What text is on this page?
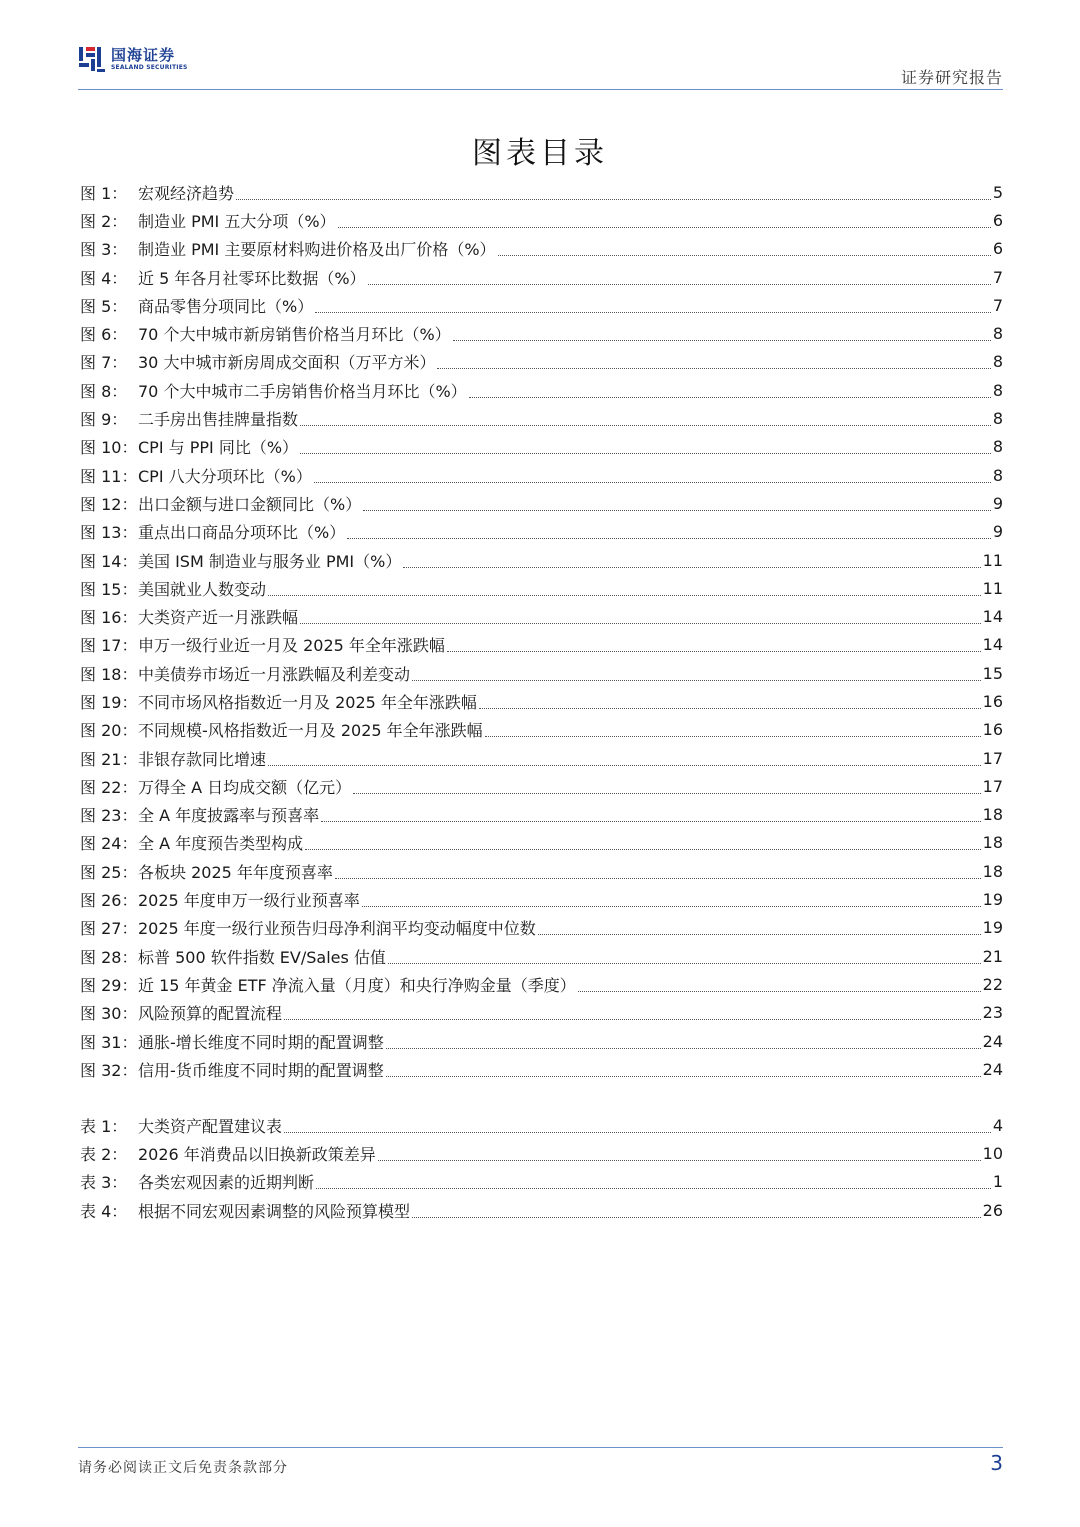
国海证券
SEALAND SECURITIES
证券研究报告
图表目录
图 1： 宏观经济趋势	5
图 2： 制造业 PMI 五大分项（%）	6
图 3： 制造业 PMI 主要原材料购进价格及出厂价格（%）	6
图 4： 近 5 年各月社零环比数据（%）	7
图 5： 商品零售分项同比（%）	7
图 6： 70 个大中城市新房销售价格当月环比（%）	8
图 7： 30 大中城市新房周成交面积（万平方米）	8
图 8： 70 个大中城市二手房销售价格当月环比（%）	8
图 9： 二手房出售挂牌量指数	8
图 10： CPI 与 PPI 同比（%）	8
图 11： CPI 八大分项环比（%）	8
图 12： 出口金额与进口金额同比（%）	9
图 13： 重点出口商品分项环比（%）	9
图 14： 美国 ISM 制造业与服务业 PMI（%）	11
图 15： 美国就业人数变动	11
图 16： 大类资产近一月涨跌幅	14
图 17： 申万一级行业近一月及 2025 年全年涨跌幅	14
图 18： 中美债券市场近一月涨跌幅及利差变动	15
图 19： 不同市场风格指数近一月及 2025 年全年涨跌幅	16
图 20： 不同规模-风格指数近一月及 2025 年全年涨跌幅	16
图 21： 非银存款同比增速	17
图 22： 万得全 A 日均成交额（亿元）	17
图 23： 全 A 年度披露率与预喜率	18
图 24： 全 A 年度预告类型构成	18
图 25： 各板块 2025 年年度预喜率	18
图 26： 2025 年度申万一级行业预喜率	19
图 27： 2025 年度一级行业预告归母净利润平均变动幅度中位数	19
图 28： 标普 500 软件指数 EV/Sales 估值	21
图 29： 近 15 年黄金 ETF 净流入量（月度）和央行净购金量（季度）	22
图 30： 风险预算的配置流程	23
图 31： 通胀-增长维度不同时期的配置调整	24
图 32： 信用-货币维度不同时期的配置调整	24
表 1： 大类资产配置建议表	4
表 2： 2026 年消费品以旧换新政策差异	10
表 3： 各类宏观因素的近期判断	1
表 4： 根据不同宏观因素调整的风险预算模型	26
请务必阅读正文后免责条款部分	3
